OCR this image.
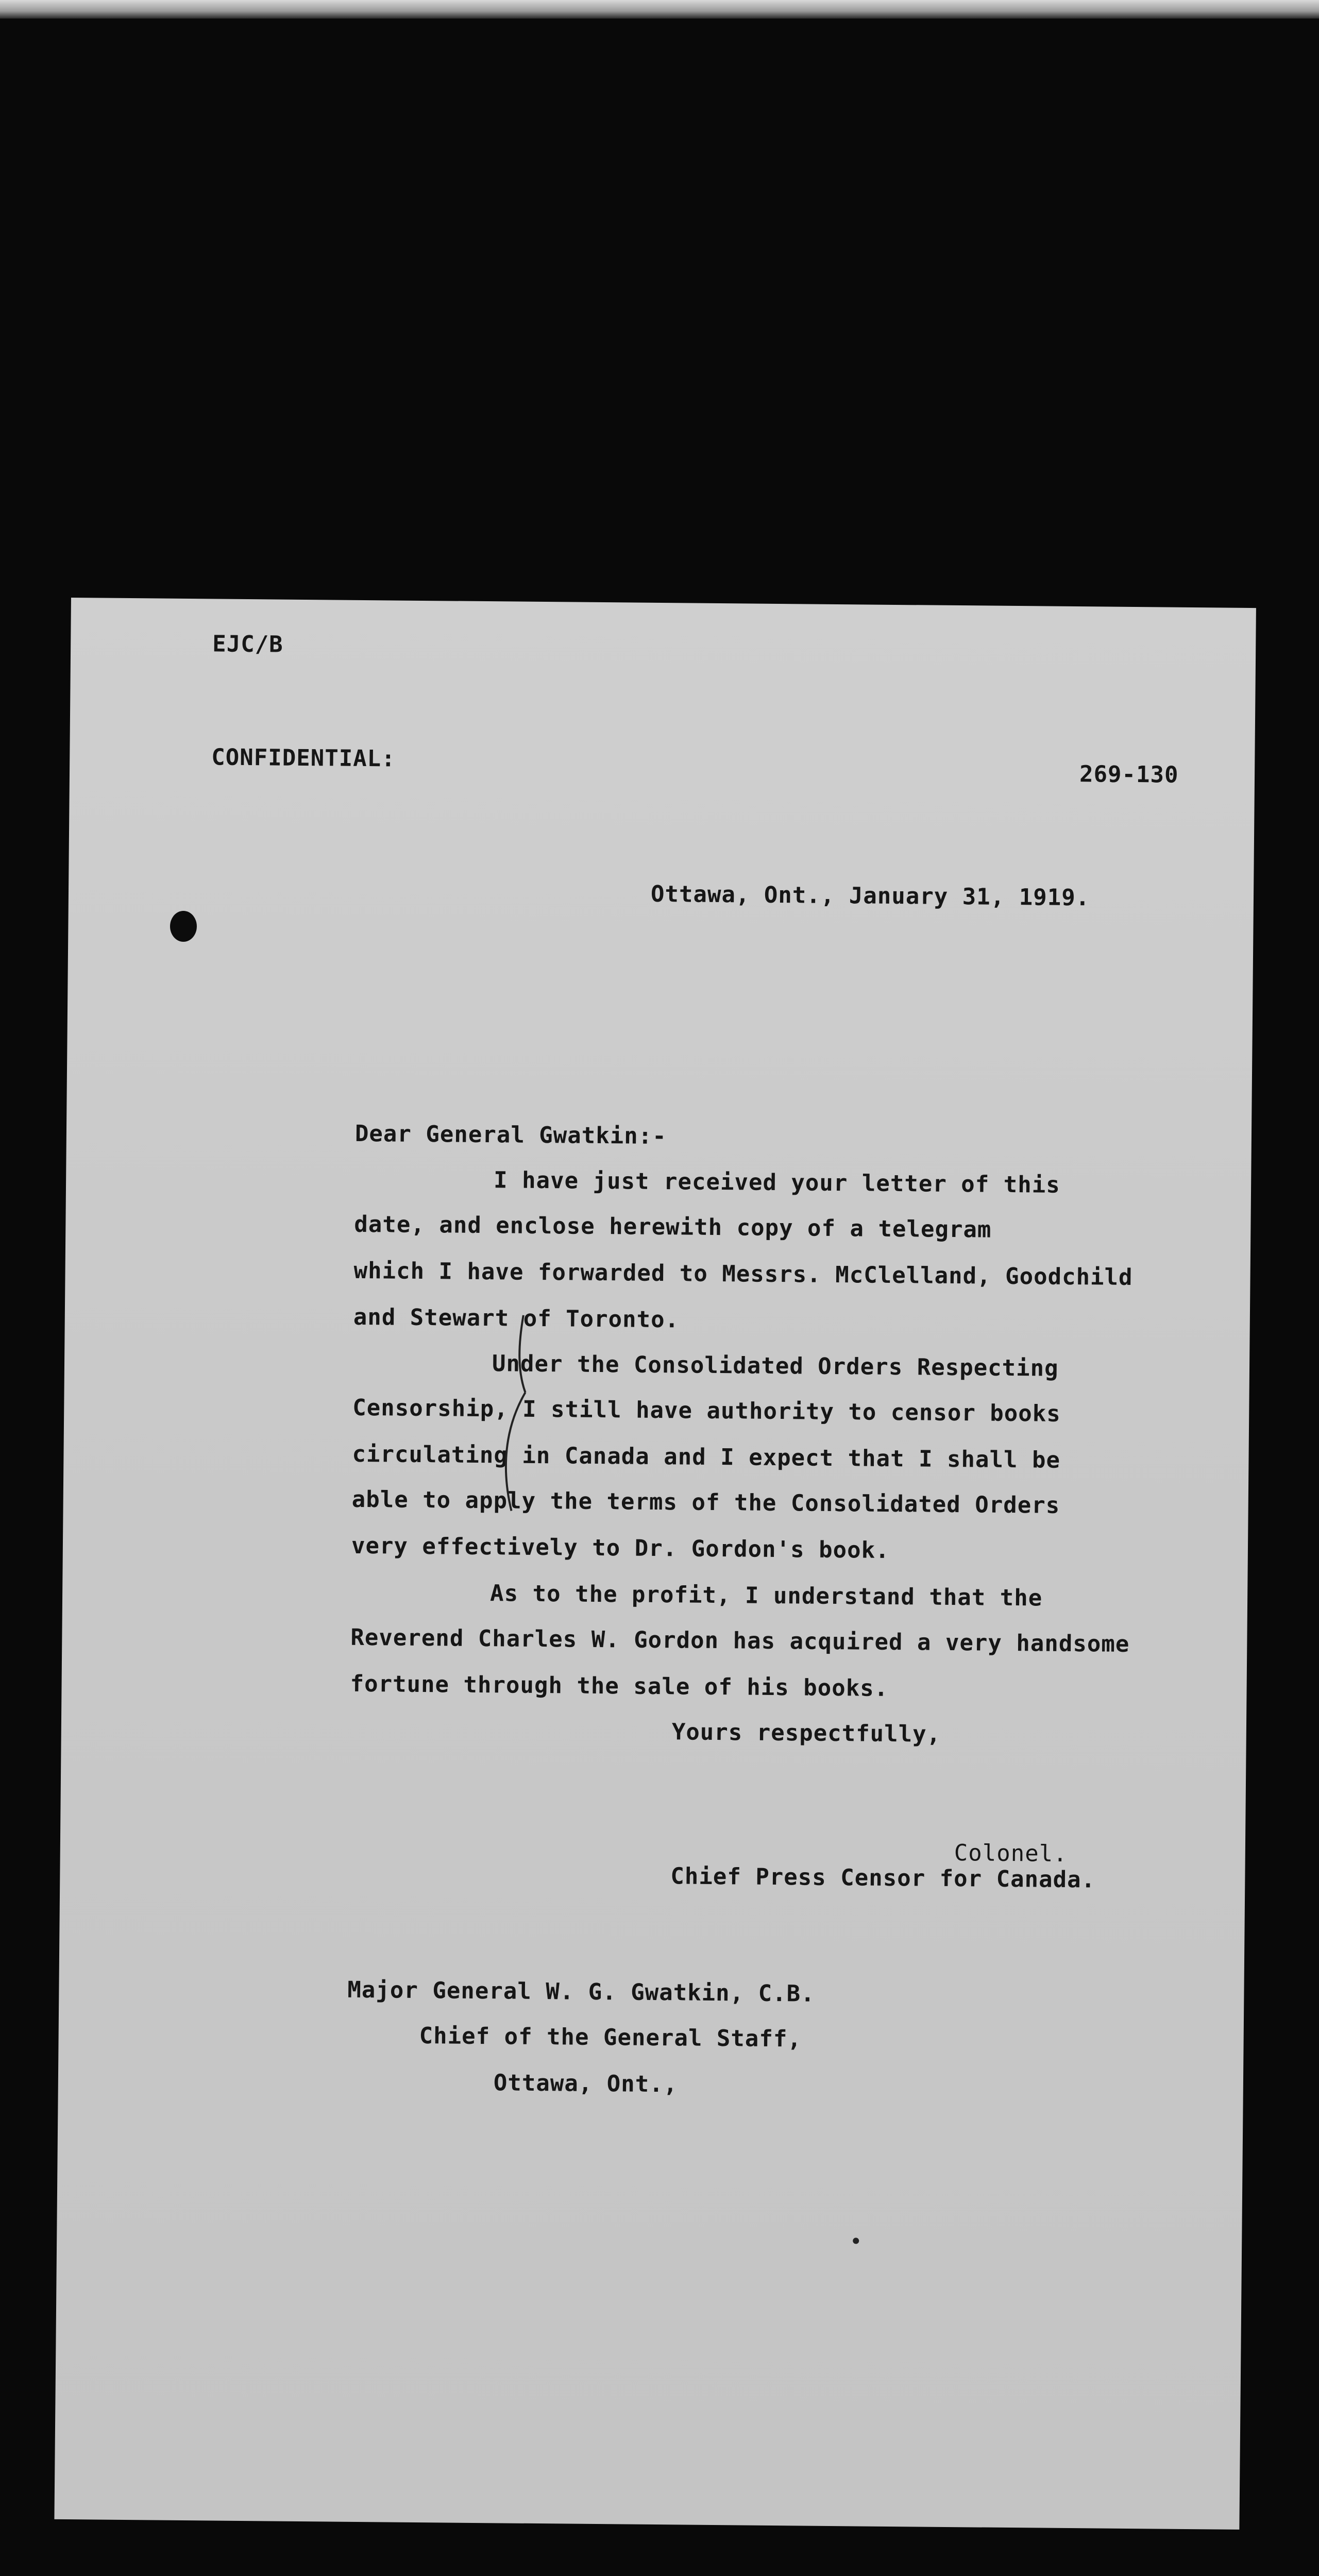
EJC/B
CONFIDENTIAL:
269-130
Ottawa, Ont., January 31, 1919.
Dear General Gwatkin:-
I have just received your letter of this
date, and enclose herewith copy of a telegram
which I have forwarded to Messrs. McClelland, Goodchild
and Stewart of Toronto.
Under the Consolidated Orders Respecting
Censorship, I still have authority to censor books
circulating in Canada and I expect that I shall be
able to apply the terms of the Consolidated Orders
very effectively to Dr. Gordon's book.
As to the profit, I understand that the
Reverend Charles W. Gordon has acquired a very handsome
fortune through the sale of his books.
Yours respectfully,
Colonel.
Chief Press Censor for Canada.
Major General W. G. Gwatkin, C.B.
Chief of the General Staff,
Ottawa, Ont.,
